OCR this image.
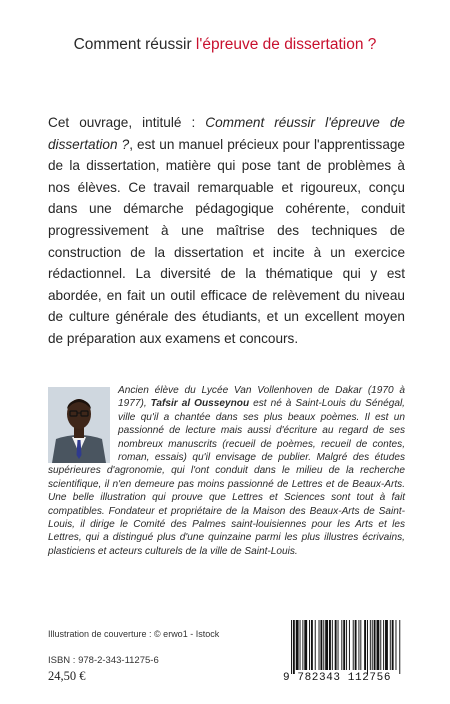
Comment réussir l'épreuve de dissertation ?

Cet ouvrage, intitulé : Comment réussir l'épreuve de dissertation ?, est un manuel précieux pour l'apprentissage de la dissertation, matière qui pose tant de problèmes à nos élèves. Ce travail remarquable et rigoureux, conçu dans une démarche pédagogique cohérente, conduit progressivement à une maîtrise des techniques de construction de la dissertation et incite à un exercice rédactionnel. La diversité de la thématique qui y est abordée, en fait un outil efficace de relèvement du niveau de culture générale des étudiants, et un excellent moyen de préparation aux examens et concours.

Ancien élève du Lycée Van Vollenhoven de Dakar (1970 à 1977), Tafsir al Ousseynou est né à Saint-Louis du Sénégal, ville qu'il a chantée dans ses plus beaux poèmes. Il est un passionné de lecture mais aussi d'écriture au regard de ses nombreux manuscrits (recueil de poèmes, recueil de contes, roman, essais) qu'il envisage de publier. Malgré des études supérieures d'agronomie, qui l'ont conduit dans le milieu de la recherche scientifique, il n'en demeure pas moins passionné de Lettres et de Beaux-Arts. Une belle illustration qui prouve que Lettres et Sciences sont tout à fait compatibles. Fondateur et propriétaire de la Maison des Beaux-Arts de Saint-Louis, il dirige le Comité des Palmes saint-louisiennes pour les Arts et les Lettres, qui a distingué plus d'une quinzaine parmi les plus illustres écrivains, plasticiens et acteurs culturels de la ville de Saint-Louis.
Illustration de couverture : © erwo1 - Istock
ISBN : 978-2-343-11275-6
24,50 €	9 782343 112756
